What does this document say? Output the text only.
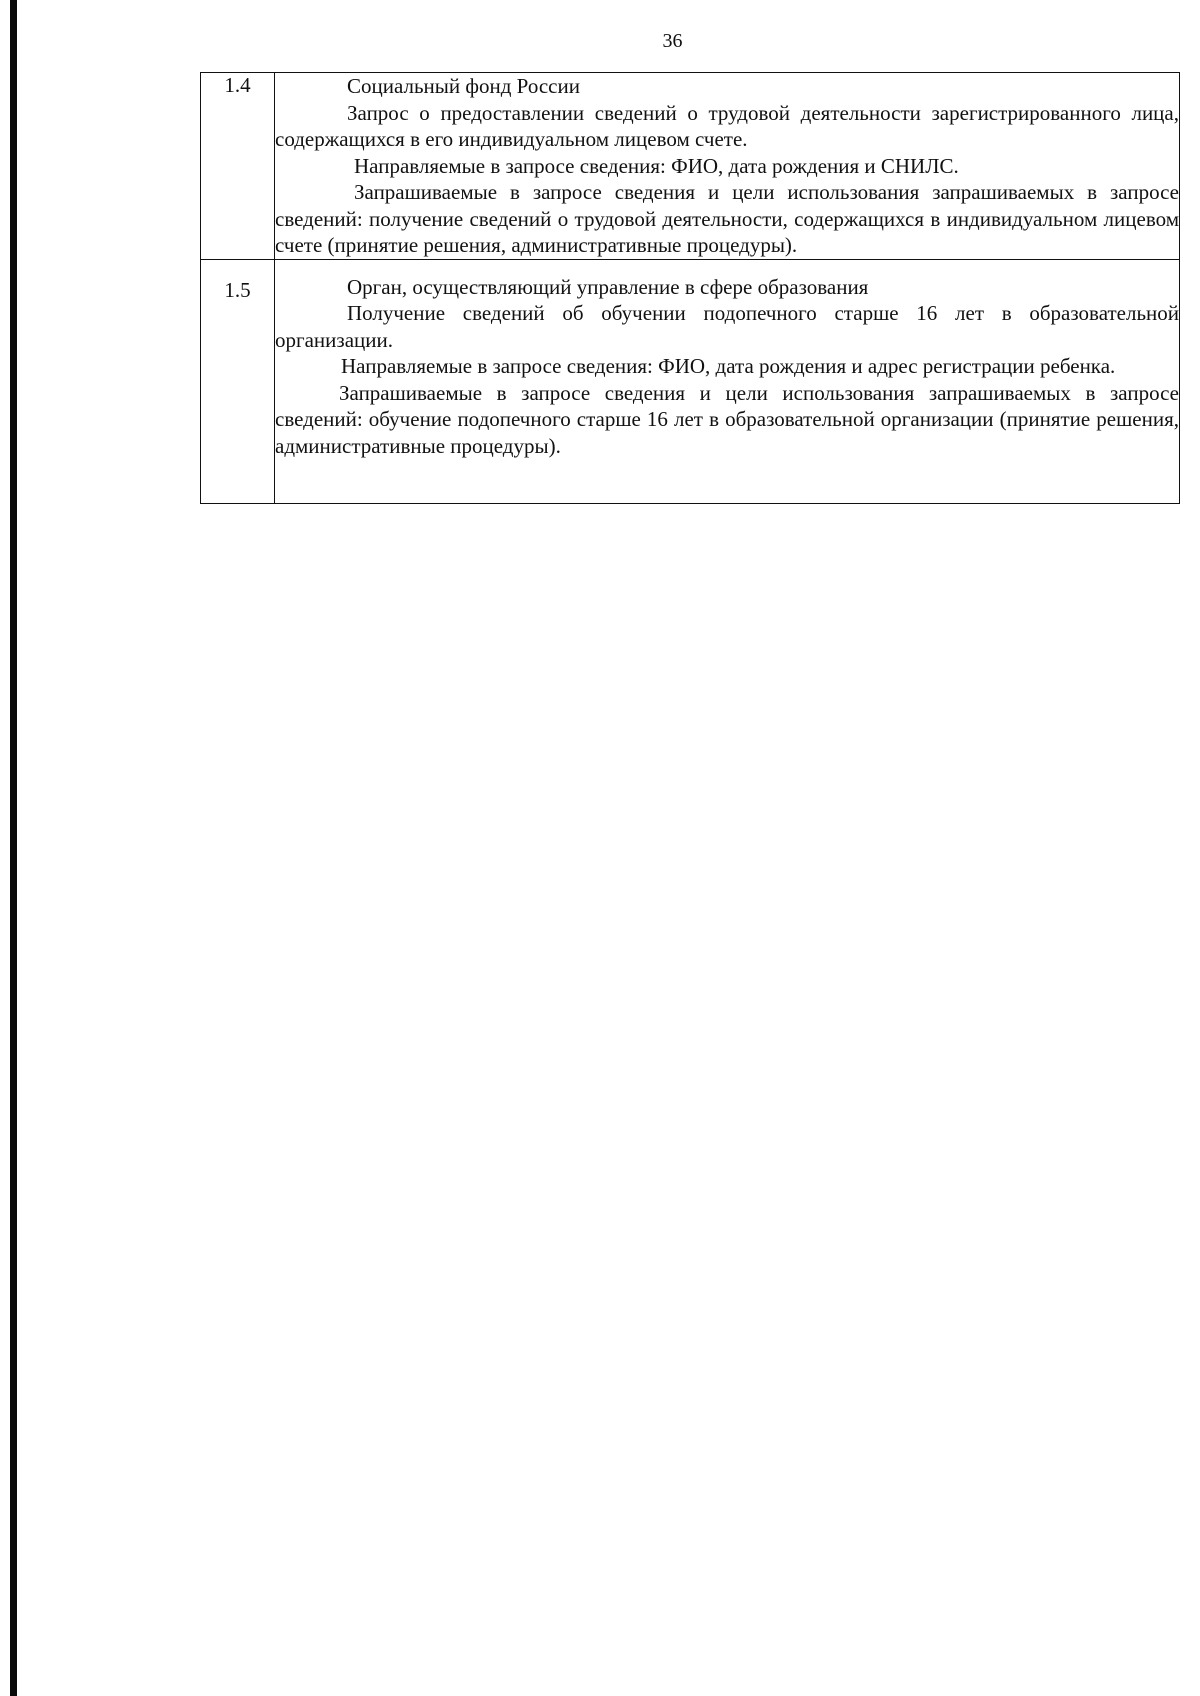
36
1.4	Социальный фонд России

Запрос о предоставлении сведений о трудовой деятельности зарегистрированного лица, содержащихся в его индивидуальном лицевом счете.

Направляемые в запросе сведения: ФИО, дата рождения и СНИЛС.

Запрашиваемые в запросе сведения и цели использования запрашиваемых в запросе сведений: получение сведений о трудовой деятельности, содержащихся в индивидуальном лицевом счете (принятие решения, административные процедуры).

1.5	Орган, осуществляющий управление в сфере образования

Получение сведений об обучении подопечного старше 16 лет в образовательной организации.

Направляемые в запросе сведения: ФИО, дата рождения и адрес регистрации ребенка.

Запрашиваемые в запросе сведения и цели использования запрашиваемых в запросе сведений: обучение подопечного старше 16 лет в образовательной организации (принятие решения, административные процедуры).
